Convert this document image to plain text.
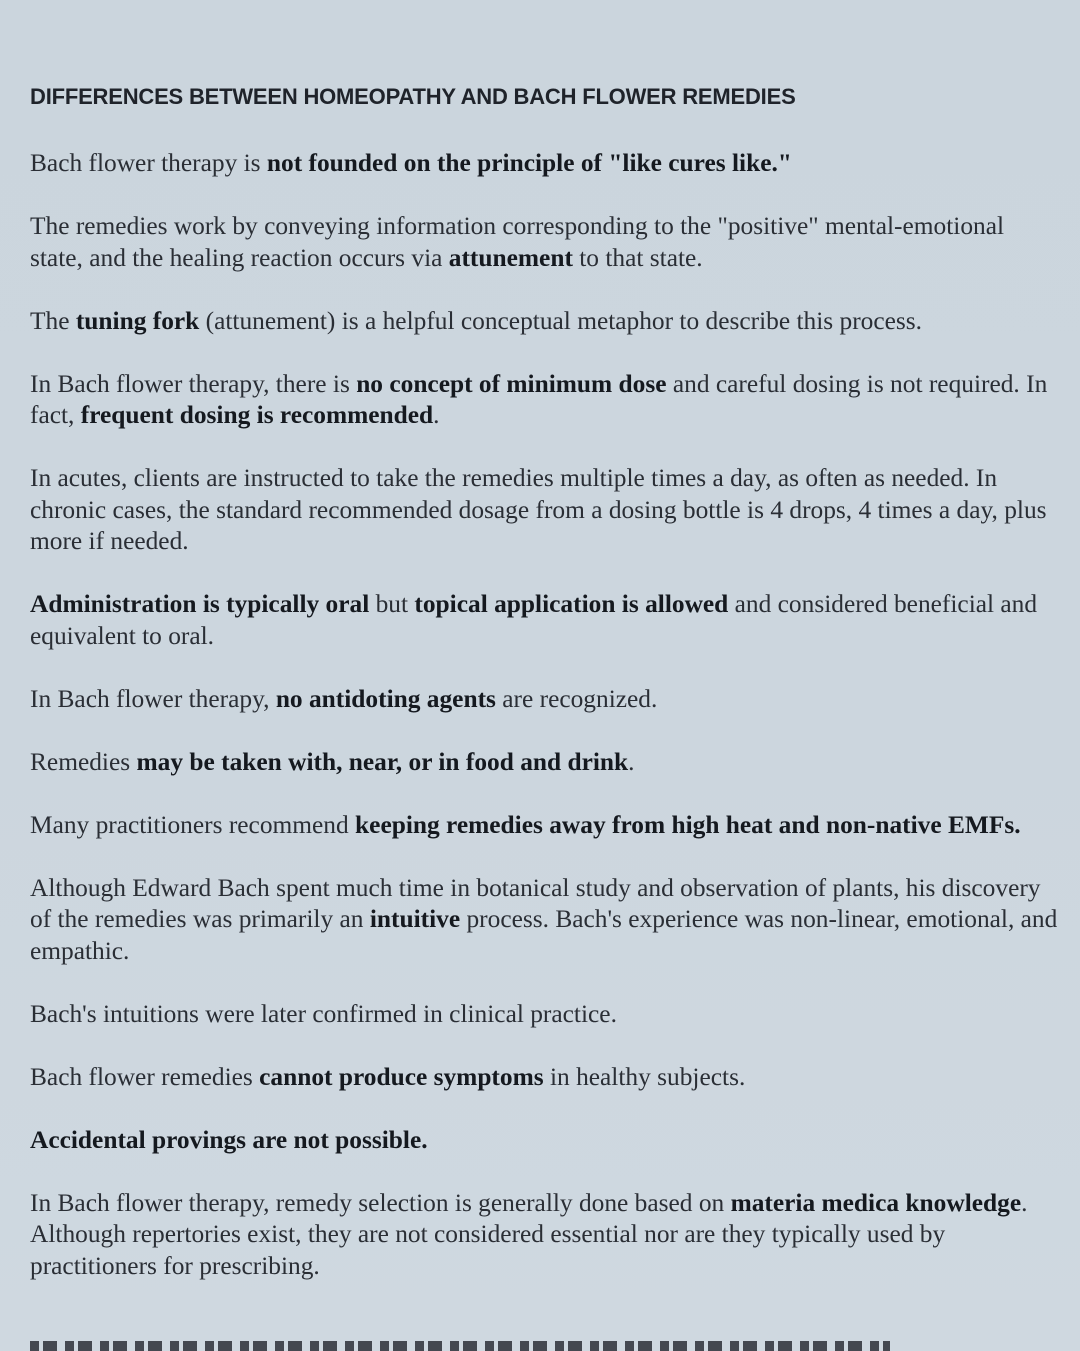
DIFFERENCES BETWEEN HOMEOPATHY AND BACH FLOWER REMEDIES

Bach flower therapy is not founded on the principle of "like cures like."

The remedies work by conveying information corresponding to the "positive" mental-emotional state, and the healing reaction occurs via attunement to that state.

The tuning fork (attunement) is a helpful conceptual metaphor to describe this process.

In Bach flower therapy, there is no concept of minimum dose and careful dosing is not required. In fact, frequent dosing is recommended.

In acutes, clients are instructed to take the remedies multiple times a day, as often as needed. In chronic cases, the standard recommended dosage from a dosing bottle is 4 drops, 4 times a day, plus more if needed.

Administration is typically oral but topical application is allowed and considered beneficial and equivalent to oral.

In Bach flower therapy, no antidoting agents are recognized.

Remedies may be taken with, near, or in food and drink.

Many practitioners recommend keeping remedies away from high heat and non-native EMFs.

Although Edward Bach spent much time in botanical study and observation of plants, his discovery of the remedies was primarily an intuitive process. Bach's experience was non-linear, emotional, and empathic.

Bach's intuitions were later confirmed in clinical practice.

Bach flower remedies cannot produce symptoms in healthy subjects.

Accidental provings are not possible.

In Bach flower therapy, remedy selection is generally done based on materia medica knowledge. Although repertories exist, they are not considered essential nor are they typically used by practitioners for prescribing.
